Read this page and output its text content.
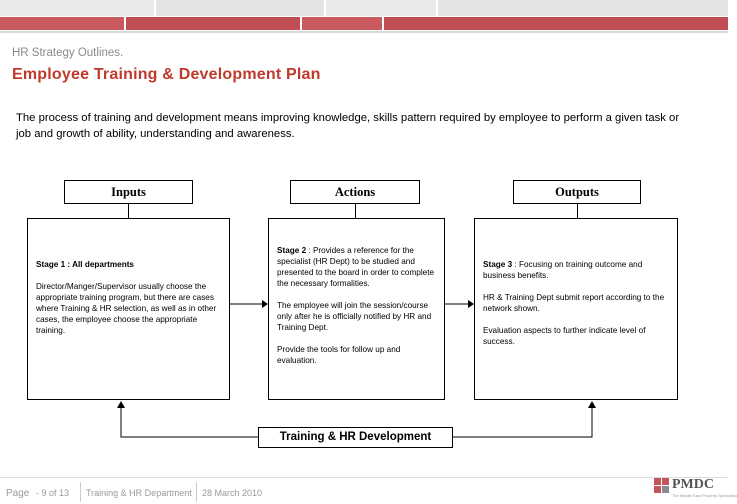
HR Strategy Outlines.
Employee Training & Development Plan
The process of training and development means improving knowledge, skills pattern required by employee to perform a given task or job and growth of ability, understanding and awareness.
Inputs	Actions	Outputs

Stage 1 : All departments

Director/Manger/Supervisor usually choose the appropriate training program, but there are cases where Training & HR selection, as well as in other cases, the employee choose the appropriate training.

Stage 2 : Provides a reference for the specialist (HR Dept) to be studied and presented to the board in order to complete the necessary formalities.

The employee will join the session/course only after he is officially notified by HR and Training Dept.

Provide the tools for follow up and evaluation.

Stage 3 : Focusing on training outcome and business benefits.

HR & Training Dept submit report according to the network shown.

Evaluation aspects to further indicate level of success.

Training & HR Development
Page - 9 of 13 Training & HR Department 28 March 2010
PMDC
The Middle East Property Specialists
